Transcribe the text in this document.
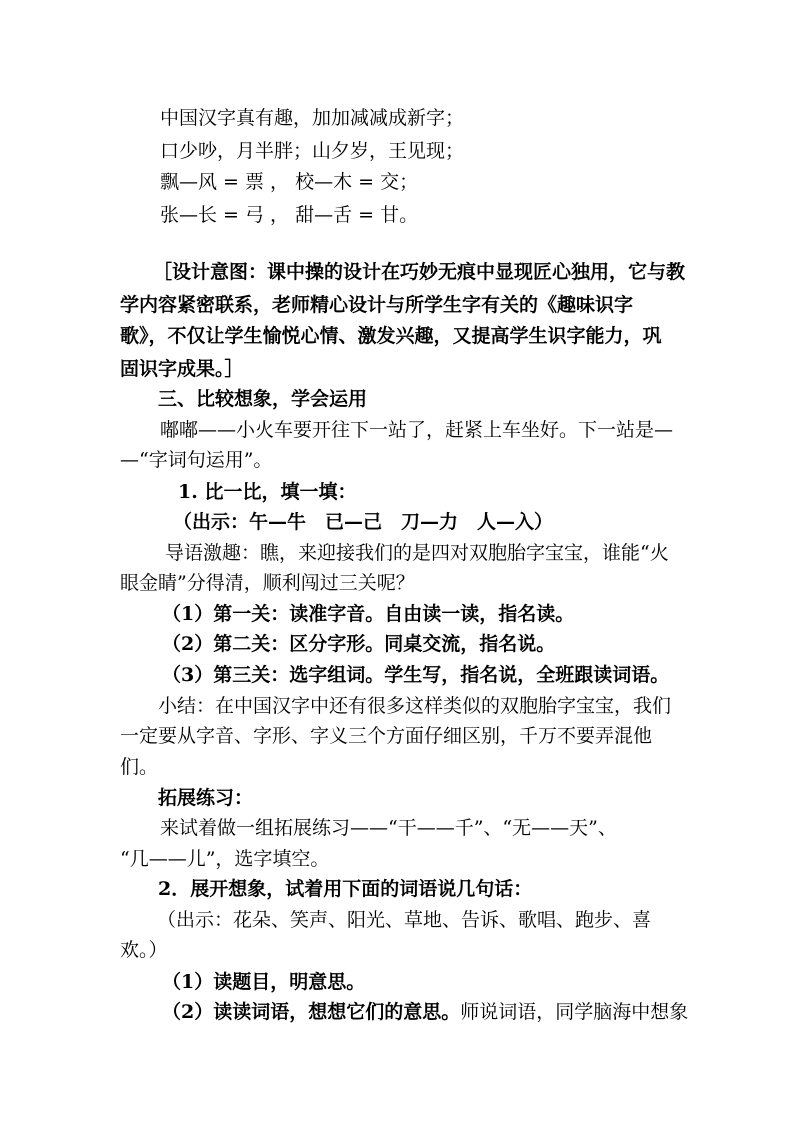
中国汉字真有趣，加加减减成新字；
口少吵，月半胖；山夕岁，王见现；
飘—风 = 票 ， 校—木 = 交；
张—长 = 弓 ， 甜—舌 = 甘。
［设计意图：课中操的设计在巧妙无痕中显现匠心独用，它与教
学内容紧密联系，老师精心设计与所学生字有关的《趣味识字
歌》，不仅让学生愉悦心情、激发兴趣，又提高学生识字能力，巩
固识字成果。］
三、比较想象，学会运用
嘟嘟——小火车要开往下一站了，赶紧上车坐好。下一站是—
—“字词句运用”。
1. 比一比，填一填：
（出示：午—牛　已—己　刀—力　人—入）
导语激趣：瞧，来迎接我们的是四对双胞胎字宝宝，谁能“火
眼金睛”分得清，顺利闯过三关呢？
（1）第一关：读准字音。自由读一读，指名读。
（2）第二关：区分字形。同桌交流，指名说。
（3）第三关：选字组词。学生写，指名说，全班跟读词语。
小结：在中国汉字中还有很多这样类似的双胞胎字宝宝，我们
一定要从字音、字形、字义三个方面仔细区别，千万不要弄混他
们。
拓展练习：
来试着做一组拓展练习——“干——千”、“无——天”、
“几——儿”，选字填空。
2．展开想象，试着用下面的词语说几句话：
（出示：花朵、笑声、阳光、草地、告诉、歌唱、跑步、喜
欢。）
（1）读题目，明意思。
（2）读读词语，想想它们的意思。师说词语，同学脑海中想象
